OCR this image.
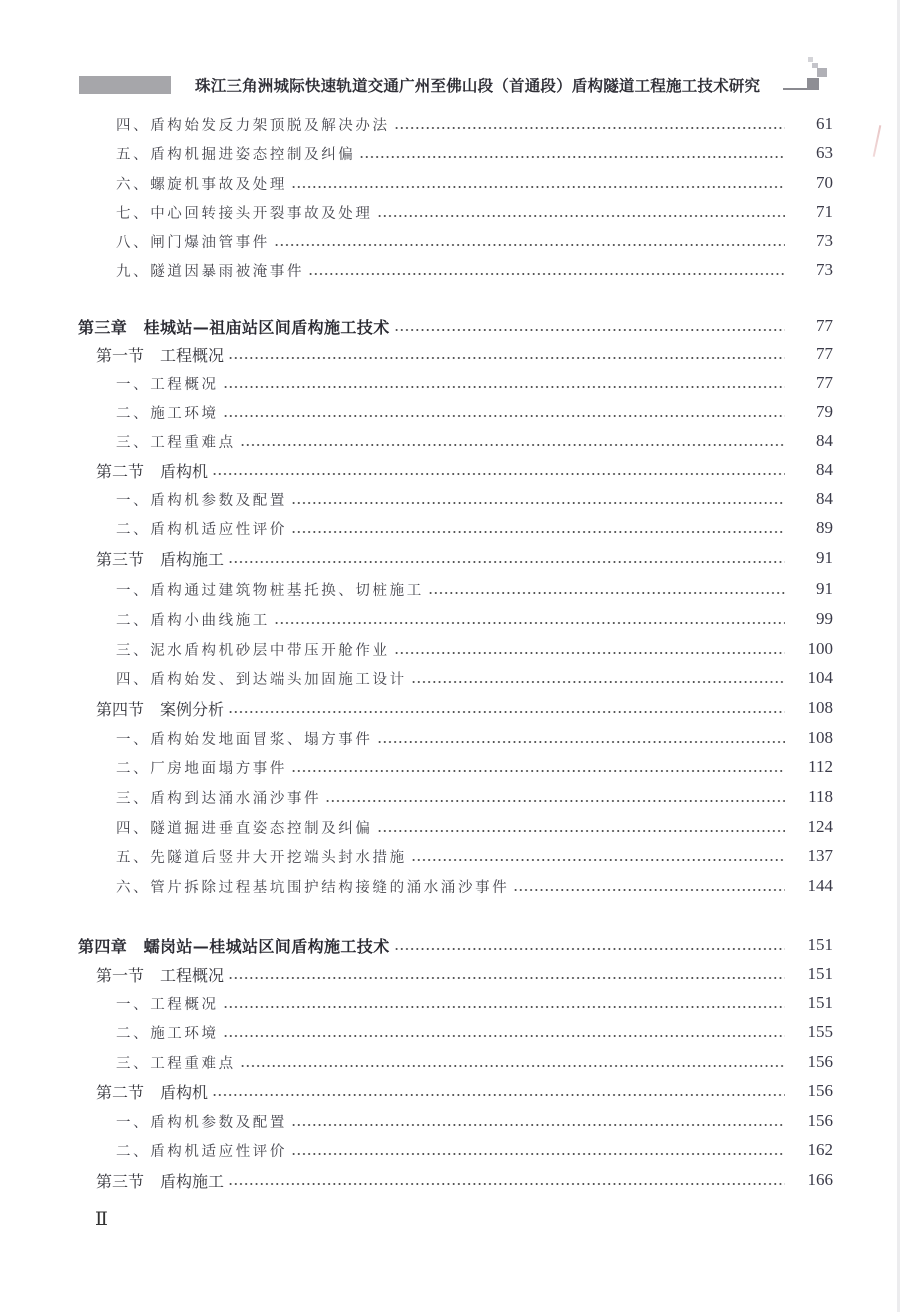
珠江三角洲城际快速轨道交通广州至佛山段（首通段）盾构隧道工程施工技术研究
四、盾构始发反力架顶脱及解决办法	61
五、盾构机掘进姿态控制及纠偏	63
六、螺旋机事故及处理	70
七、中心回转接头开裂事故及处理	71
八、闸门爆油管事件	73
九、隧道因暴雨被淹事件	73
第三章　桂城站—祖庙站区间盾构施工技术	77
第一节　工程概况	77
一、工程概况	77
二、施工环境	79
三、工程重难点	84
第二节　盾构机	84
一、盾构机参数及配置	84
二、盾构机适应性评价	89
第三节　盾构施工	91
一、盾构通过建筑物桩基托换、切桩施工	91
二、盾构小曲线施工	99
三、泥水盾构机砂层中带压开舱作业	100
四、盾构始发、到达端头加固施工设计	104
第四节　案例分析	108
一、盾构始发地面冒浆、塌方事件	108
二、厂房地面塌方事件	112
三、盾构到达涌水涌沙事件	118
四、隧道掘进垂直姿态控制及纠偏	124
五、先隧道后竖井大开挖端头封水措施	137
六、管片拆除过程基坑围护结构接缝的涌水涌沙事件	144
第四章　蠕岗站—桂城站区间盾构施工技术	151
第一节　工程概况	151
一、工程概况	151
二、施工环境	155
三、工程重难点	156
第二节　盾构机	156
一、盾构机参数及配置	156
二、盾构机适应性评价	162
第三节　盾构施工	166
Ⅱ
